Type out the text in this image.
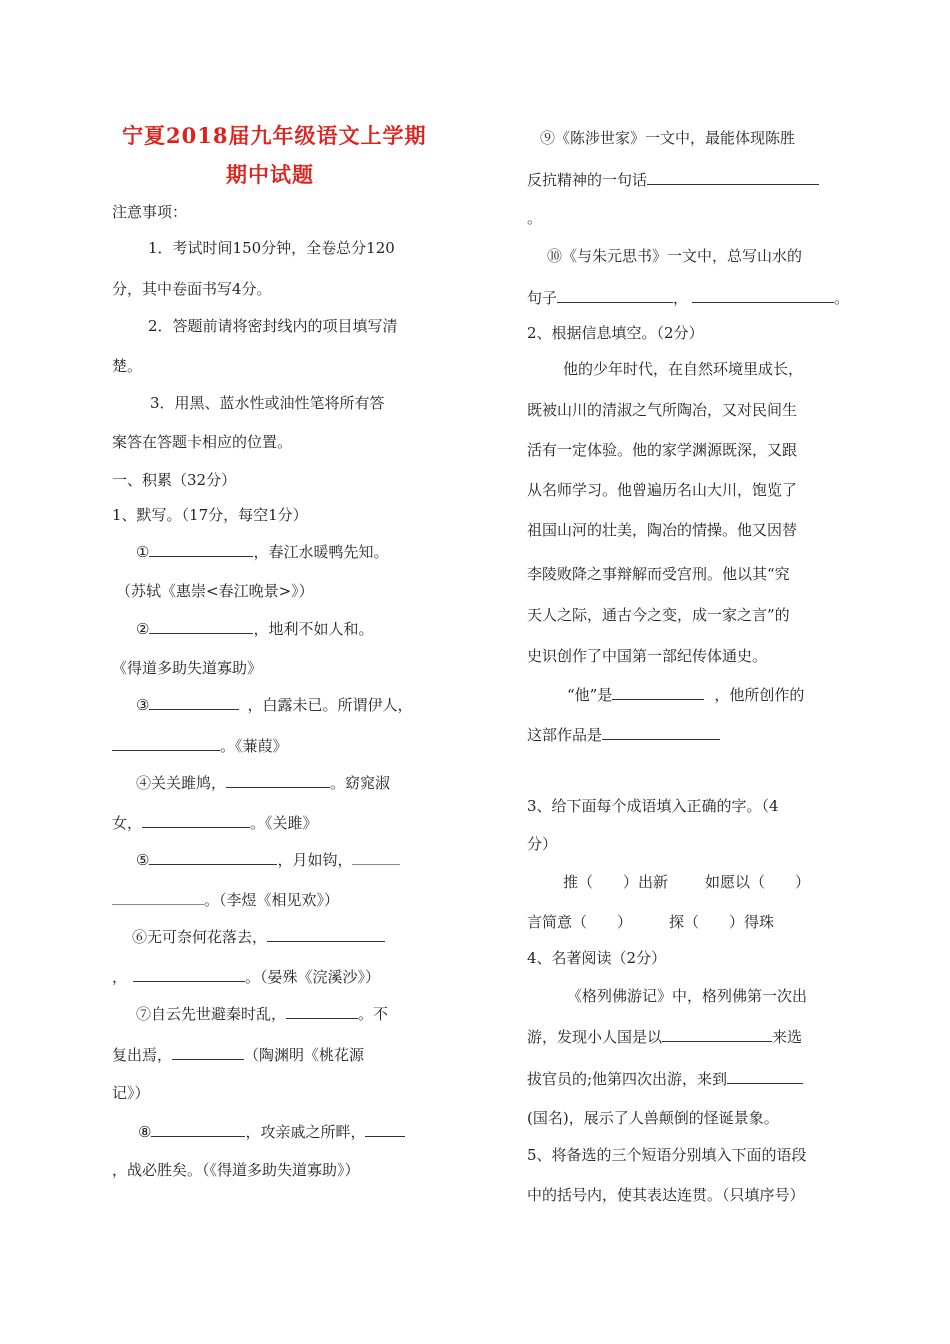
宁夏2018届九年级语文上学期
期中试题
注意事项：
1．考试时间150分钟，全卷总分120
分，其中卷面书写4分。
2．答题前请将密封线内的项目填写清
楚。
3．用黑、蓝水性或油性笔将所有答
案答在答题卡相应的位置。
一、积累（32分）
1、默写。（17分，每空1分）
①	，春江水暖鸭先知。
（苏轼《惠崇<春江晚景>》）
②	，地利不如人和。
《得道多助失道寡助》
③	，白露未已。所谓伊人，
。《蒹葭》
④关关雎鸠，	。窈窕淑
女，	。《关雎》
⑤	，月如钩，
。（李煜《相见欢》）
⑥无可奈何花落去，
，	。（晏殊《浣溪沙》）
⑦自云先世避秦时乱，	。不
复出焉，	（陶渊明《桃花源
记》）
⑧	，攻亲戚之所畔，
，战必胜矣。（《得道多助失道寡助》）
⑨《陈涉世家》一文中，最能体现陈胜
反抗精神的一句话
。
⑩《与朱元思书》一文中，总写山水的
句子	，	。
2、根据信息填空。（2分）
他的少年时代，在自然环境里成长，
既被山川的清淑之气所陶冶，又对民间生
活有一定体验。他的家学渊源既深，又跟
从名师学习。他曾遍历名山大川，饱览了
祖国山河的壮美，陶冶的情操。他又因替
李陵败降之事辩解而受宫刑。他以其“究
天人之际，通古今之变，成一家之言”的
史识创作了中国第一部纪传体通史。
“他”是	，他所创作的
这部作品是
3、给下面每个成语填入正确的字。（4
分）
推（　　）出新 如愿以（　　）
言简意（　　） 探（　　）得珠
4、名著阅读（2分）
《格列佛游记》中，格列佛第一次出
游，发现小人国是以	来选
拔官员的;他第四次出游，来到
(国名)，展示了人兽颠倒的怪诞景象。
5、将备选的三个短语分别填入下面的语段
中的括号内，使其表达连贯。（只填序号）
